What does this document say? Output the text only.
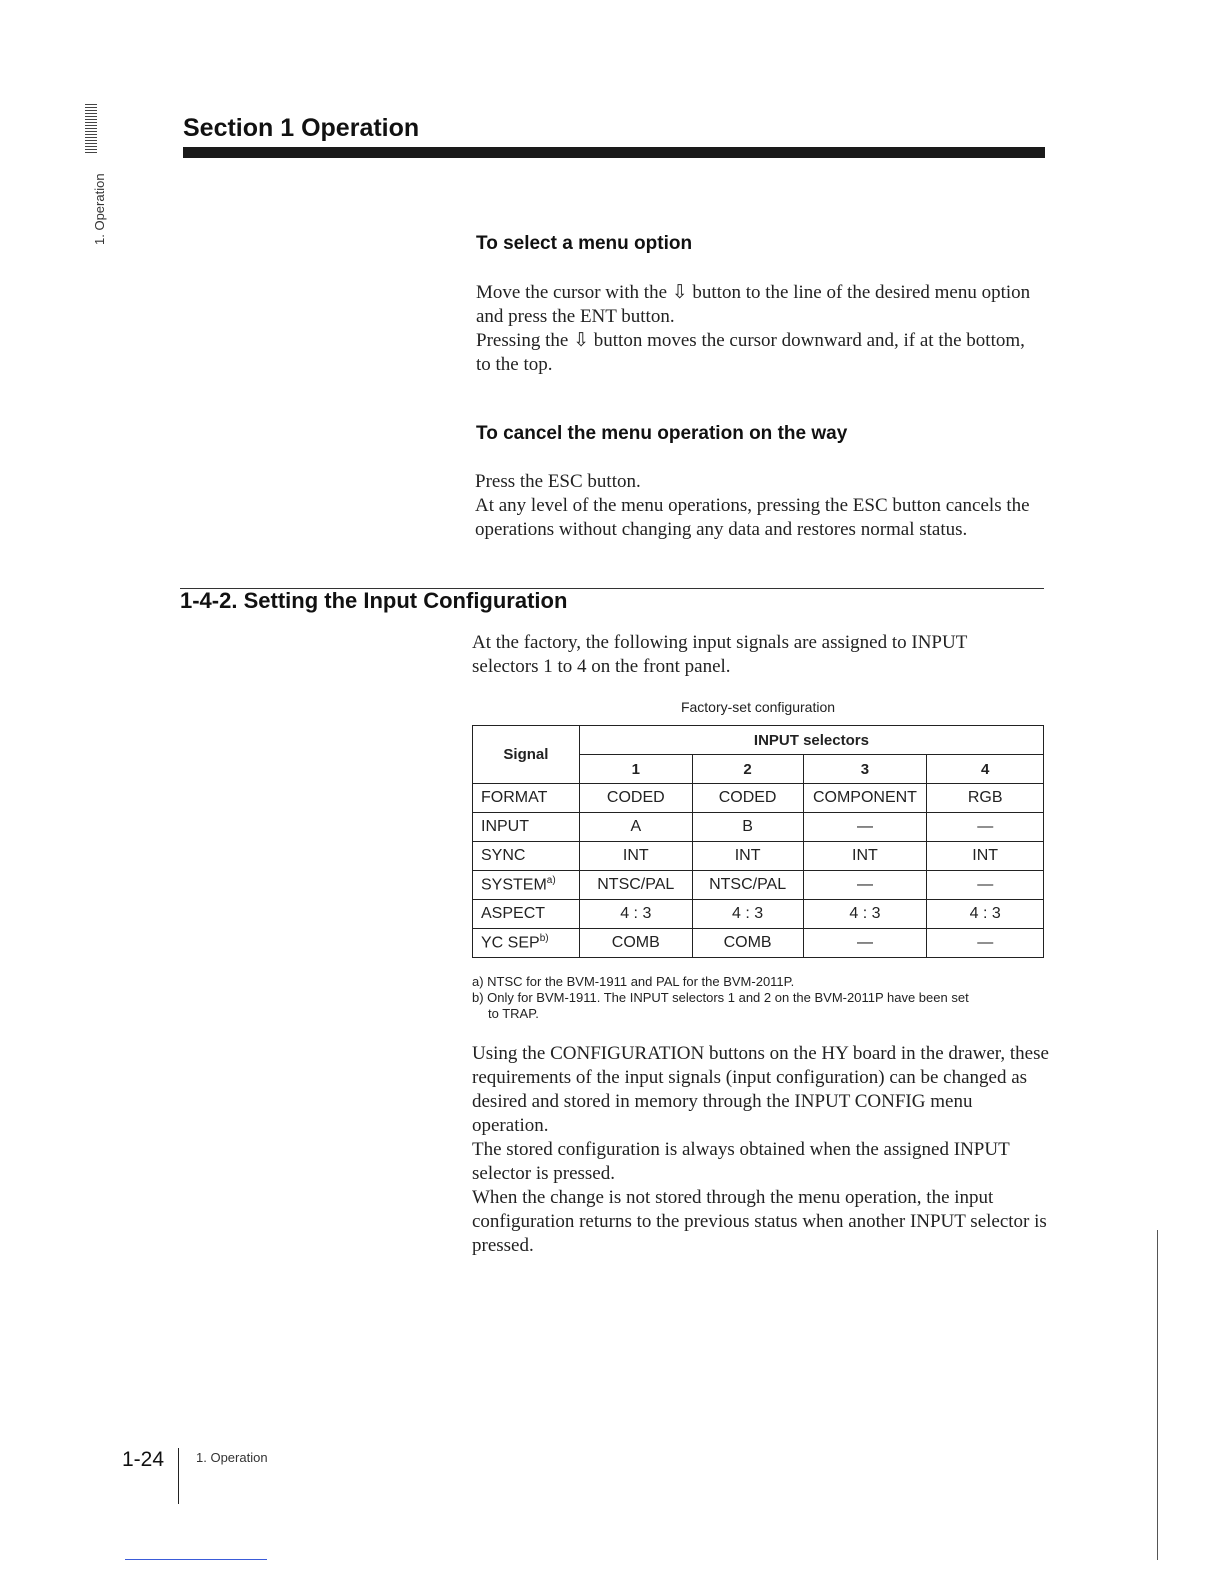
1. Operation
Section 1 Operation
To select a menu option

Move the cursor with the ⇩ button to the line of the desired menu option and press the ENT button.

Pressing the ⇩ button moves the cursor downward and, if at the bottom, to the top.

To cancel the menu operation on the way

Press the ESC button.

At any level of the menu operations, pressing the ESC button cancels the operations without changing any data and restores normal status.

1-4-2. Setting the Input Configuration
At the factory, the following input signals are assigned to INPUT selectors 1 to 4 on the front panel.
Factory-set configuration
Signal	INPUT selectors			
	1	2	3	4
FORMAT	CODED	CODED	COMPONENT	RGB
INPUT	A	B	—	—
SYNC	INT	INT	INT	INT
SYSTEM$^{a)}$	NTSC/PAL	NTSC/PAL	—	—
ASPECT	4 : 3	4 : 3	4 : 3	4 : 3
YC SEP$^{b)}$	COMB	COMB	—	—
a) NTSC for the BVM-1911 and PAL for the BVM-2011P.
b) Only for BVM-1911. The INPUT selectors 1 and 2 on the BVM-2011P have been set
to TRAP.

Using the CONFIGURATION buttons on the HY board in the drawer, these requirements of the input signals (input configuration) can be changed as desired and stored in memory through the INPUT CONFIG menu operation.

The stored configuration is always obtained when the assigned INPUT selector is pressed.

When the change is not stored through the menu operation, the input configuration returns to the previous status when another INPUT selector is pressed.

1-24 1. Operation
